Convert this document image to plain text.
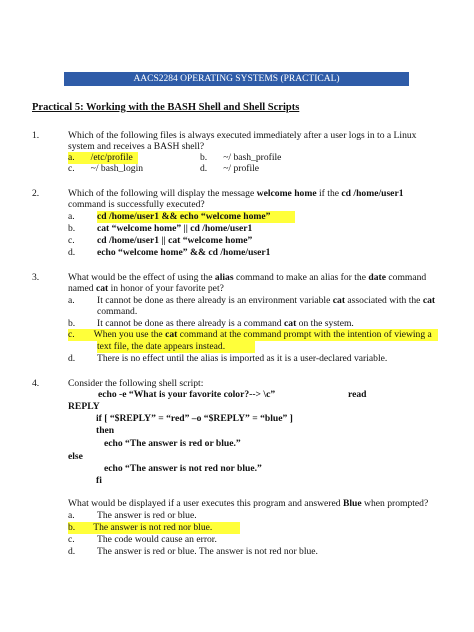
AACS2284 OPERATING SYSTEMS (PRACTICAL)
Practical 5: Working with the BASH Shell and Shell Scripts
1.	Which of the following files is always executed immediately after a user logs in to a Linux
system and receives a BASH shell?
a. /etc/profile	b. ~/ bash_profile
c. ~/ bash_login	d. ~/ profile
2.	Which of the following will display the message welcome home if the cd /home/user1
command is successfully executed?
a. cd /home/user1 && echo “welcome home”
b. cat “welcome home” || cd /home/user1
c. cd /home/user1 || cat “welcome home”
d. echo “welcome home” && cd /home/user1
3.	What would be the effect of using the alias command to make an alias for the date command
named cat in honor of your favorite pet?
a. It cannot be done as there already is an environment variable cat associated with the cat
command.
b. It cannot be done as there already is a command cat on the system.
c. When you use the cat command at the command prompt with the intention of viewing a
text file, the date appears instead.
d. There is no effect until the alias is imported as it is a user-declared variable.
4.	Consider the following shell script:
echo -e “What is your favorite color?--> \c”	read
REPLY
if [ “$REPLY” = “red” –o “$REPLY” = “blue” ]
then
echo “The answer is red or blue.”
else
echo “The answer is not red nor blue.”
fi
What would be displayed if a user executes this program and answered Blue when prompted?
a. The answer is red or blue.
b. The answer is not red nor blue.
c. The code would cause an error.
d. The answer is red or blue. The answer is not red nor blue.
